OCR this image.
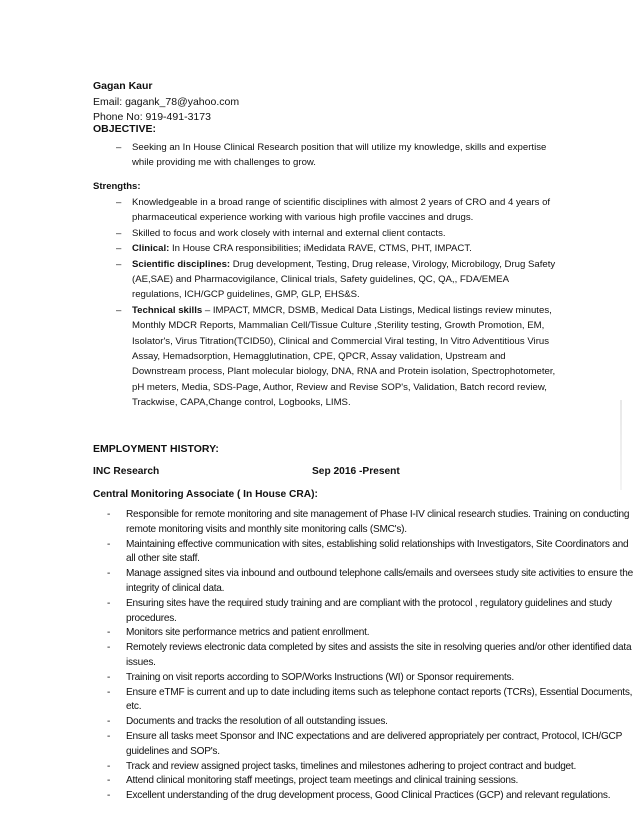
Gagan Kaur
Email: gagank_78@yahoo.com
Phone No: 919-491-3173
OBJECTIVE:
– Seeking an In House Clinical Research position that will utilize my knowledge, skills and expertise while providing me with challenges to grow.
Strengths:
– Knowledgeable in a broad range of scientific disciplines with almost 2 years of CRO and 4 years of pharmaceutical experience working with various high profile vaccines and drugs.
– Skilled to focus and work closely with internal and external client contacts.
– Clinical: In House CRA responsibilities; iMedidata RAVE, CTMS, PHT, IMPACT.
– Scientific disciplines: Drug development, Testing, Drug release, Virology, Microbilogy, Drug Safety (AE,SAE) and Pharmacovigilance, Clinical trials, Safety guidelines, QC, QA,, FDA/EMEA regulations, ICH/GCP guidelines, GMP, GLP, EHS&S.
– Technical skills – IMPACT, MMCR, DSMB, Medical Data Listings, Medical listings review minutes, Monthly MDCR Reports, Mammalian Cell/Tissue Culture ,Sterility testing, Growth Promotion, EM, Isolator's, Virus Titration(TCID50), Clinical and Commercial Viral testing, In Vitro Adventitious Virus Assay, Hemadsorption, Hemagglutination, CPE, QPCR, Assay validation, Upstream and Downstream process, Plant molecular biology, DNA, RNA and Protein isolation, Spectrophotometer, pH meters, Media, SDS-Page, Author, Review and Revise SOP's, Validation, Batch record review, Trackwise, CAPA,Change control, Logbooks, LIMS.
EMPLOYMENT HISTORY:
INC Research	Sep 2016 -Present
Central Monitoring Associate ( In House CRA):
- Responsible for remote monitoring and site management of Phase I-IV clinical research studies. Training on conducting remote monitoring visits and monthly site monitoring calls (SMC's).
- Maintaining effective communication with sites, establishing solid relationships with Investigators, Site Coordinators and all other site staff.
- Manage assigned sites via inbound and outbound telephone calls/emails and oversees study site activities to ensure the integrity of clinical data.
- Ensuring sites have the required study training and are compliant with the protocol , regulatory guidelines and study procedures.
- Monitors site performance metrics and patient enrollment.
- Remotely reviews electronic data completed by sites and assists the site in resolving queries and/or other identified data issues.
- Training on visit reports according to SOP/Works Instructions (WI) or Sponsor requirements.
- Ensure eTMF is current and up to date including items such as telephone contact reports (TCRs), Essential Documents, etc.
- Documents and tracks the resolution of all outstanding issues.
- Ensure all tasks meet Sponsor and INC expectations and are delivered appropriately per contract, Protocol, ICH/GCP guidelines and SOP's.
- Track and review assigned project tasks, timelines and milestones adhering to project contract and budget.
- Attend clinical monitoring staff meetings, project team meetings and clinical training sessions.
- Excellent understanding of the drug development process, Good Clinical Practices (GCP) and relevant regulations.
